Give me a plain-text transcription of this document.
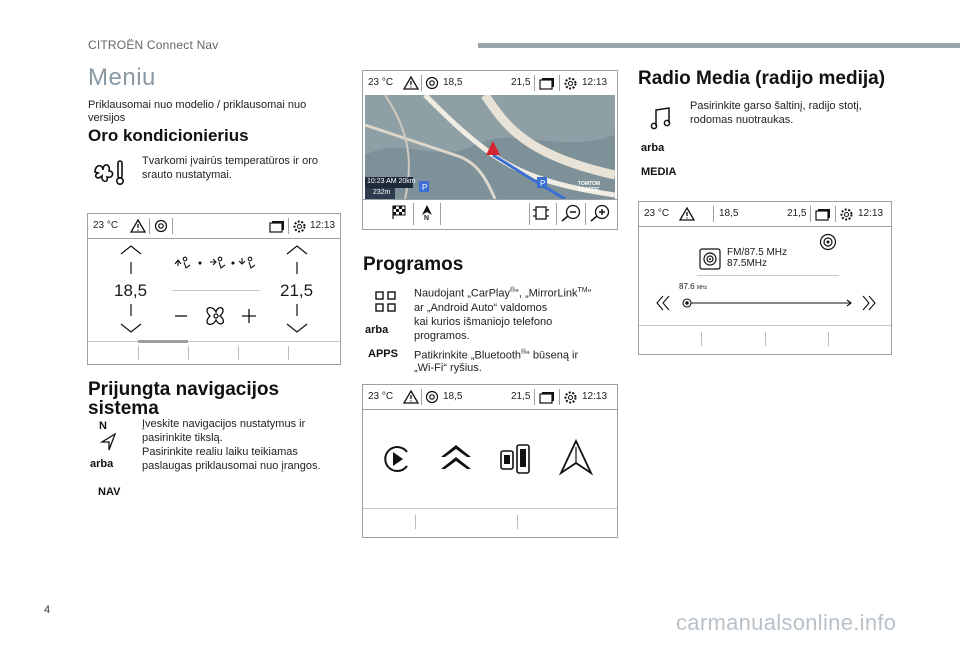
CITROËN Connect Nav
Meniu
Priklausomai nuo modelio / priklausomai nuo
versijos
Oro kondicionierius
Tvarkomi įvairūs temperatūros ir oro
srauto nustatymai.
23 °C	12:13
18,5	21,5
Prijungta navigacijos
sistema
N
arba
NAV
Įveskite navigacijos nustatymus ir
pasirinkite tikslą.
Pasirinkite realiu laiku teikiamas
paslaugas priklausomai nuo įrangos.
23 °C	18,5	21,5	12:13
P	P
10:23 AM 20km
232m
TOMTOM
TRAFFIC
N
Programos
arba
APPS
Naudojant „CarPlay®“, „MirrorLink™“
ar „Android Auto“ valdomos
kai kurios išmaniojo telefono
programos.
Patikrinkite „Bluetooth®“ būseną ir
„Wi-Fi“ ryšius.
23 °C	18,5	21,5	12:13
Radio Media (radijo medija)
arba
MEDIA
Pasirinkite garso šaltinį, radijo stotį,
rodomas nuotraukas.
23 °C	18,5	21,5	12:13
FM/87.5 MHz
87.5MHz
87.6 MHz
4	carmanualsonline.info
